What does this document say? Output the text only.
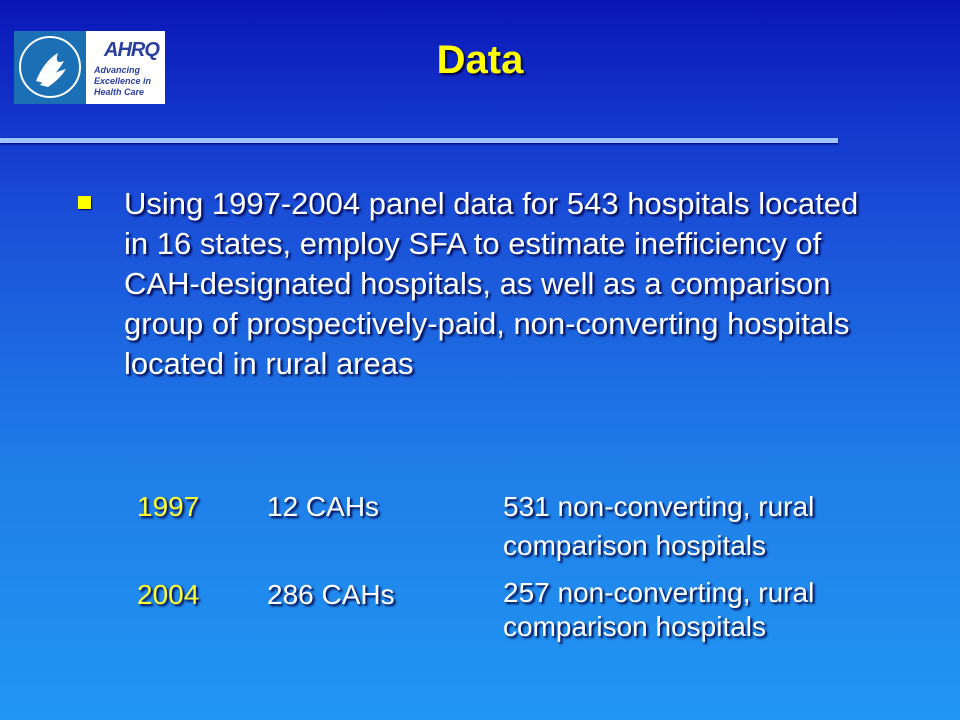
AHRQ
Advancing
Excellence in
Health Care
Data
Using 1997-2004 panel data for 543 hospitals located in 16 states, employ SFA to estimate inefficiency of CAH-designated hospitals, as well as a comparison group of prospectively-paid, non-converting hospitals located in rural areas
1997 12 CAHs	531 non-converting, rural
comparison hospitals
2004 286 CAHs	257 non-converting, rural
comparison hospitals
